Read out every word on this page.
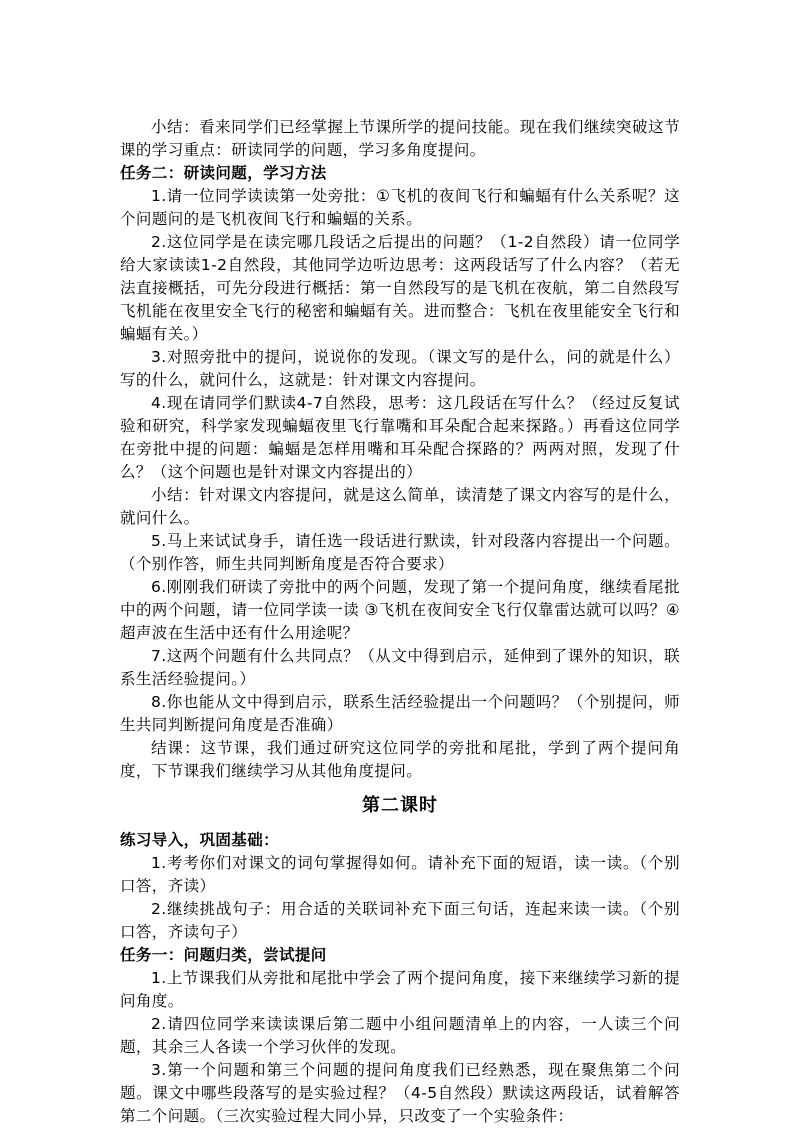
小结：看来同学们已经掌握上节课所学的提问技能。现在我们继续突破这节课的学习重点：研读同学的问题，学习多角度提问。

任务二：研读问题，学习方法

1.请一位同学读读第一处旁批：①飞机的夜间飞行和蝙蝠有什么关系呢？这个问题问的是飞机夜间飞行和蝙蝠的关系。

2.这位同学是在读完哪几段话之后提出的问题？（1-2自然段）请一位同学给大家读读1-2自然段，其他同学边听边思考：这两段话写了什么内容？（若无法直接概括，可先分段进行概括：第一自然段写的是飞机在夜航，第二自然段写飞机能在夜里安全飞行的秘密和蝙蝠有关。进而整合：飞机在夜里能安全飞行和蝙蝠有关。）

3.对照旁批中的提问，说说你的发现。（课文写的是什么，问的就是什么）写的什么，就问什么，这就是：针对课文内容提问。

4.现在请同学们默读4-7自然段，思考：这几段话在写什么？（经过反复试验和研究，科学家发现蝙蝠夜里飞行靠嘴和耳朵配合起来探路。）再看这位同学在旁批中提的问题：蝙蝠是怎样用嘴和耳朵配合探路的？两两对照，发现了什么？（这个问题也是针对课文内容提出的）

小结：针对课文内容提问，就是这么简单，读清楚了课文内容写的是什么，就问什么。

5.马上来试试身手，请任选一段话进行默读，针对段落内容提出一个问题。（个别作答，师生共同判断角度是否符合要求）

6.刚刚我们研读了旁批中的两个问题，发现了第一个提问角度，继续看尾批中的两个问题，请一位同学读一读 ③飞机在夜间安全飞行仅靠雷达就可以吗？④超声波在生活中还有什么用途呢？

7.这两个问题有什么共同点？（从文中得到启示，延伸到了课外的知识，联系生活经验提问。）

8.你也能从文中得到启示，联系生活经验提出一个问题吗？（个别提问，师生共同判断提问角度是否准确）

结课：这节课，我们通过研究这位同学的旁批和尾批，学到了两个提问角度，下节课我们继续学习从其他角度提问。

第二课时

练习导入，巩固基础：

1.考考你们对课文的词句掌握得如何。请补充下面的短语，读一读。（个别口答，齐读）

2.继续挑战句子：用合适的关联词补充下面三句话，连起来读一读。（个别口答，齐读句子）

任务一：问题归类，尝试提问

1.上节课我们从旁批和尾批中学会了两个提问角度，接下来继续学习新的提问角度。

2.请四位同学来读读课后第二题中小组问题清单上的内容，一人读三个问题，其余三人各读一个学习伙伴的发现。

3.第一个问题和第三个问题的提问角度我们已经熟悉，现在聚焦第二个问题。课文中哪些段落写的是实验过程？（4-5自然段）默读这两段话，试着解答第二个问题。（三次实验过程大同小异，只改变了一个实验条件：
